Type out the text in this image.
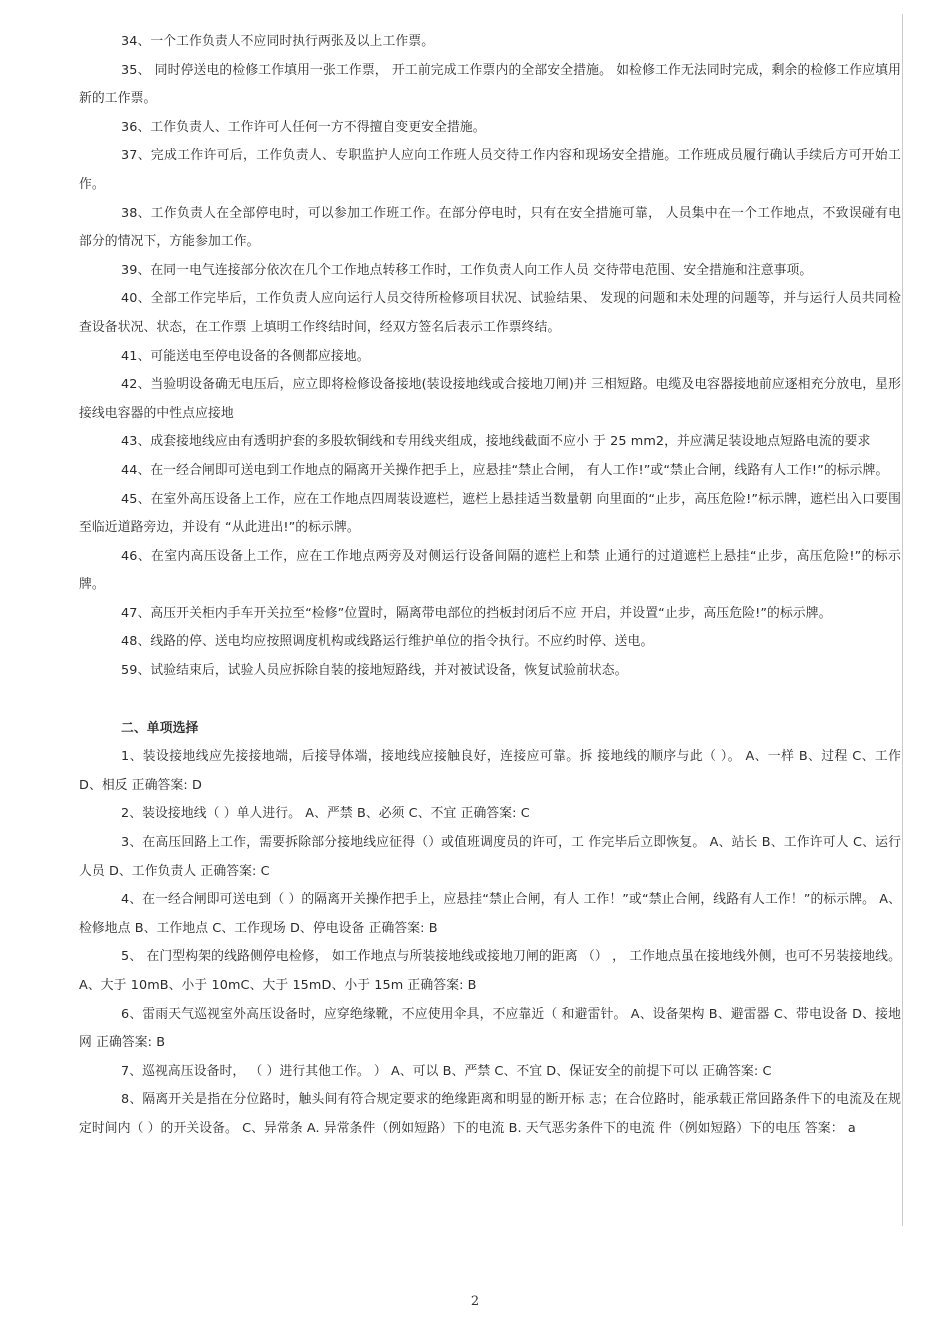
34、一个工作负责人不应同时执行两张及以上工作票。

35、 同时停送电的检修工作填用一张工作票， 开工前完成工作票内的全部安全措施。 如检修工作无法同时完成，剩余的检修工作应填用新的工作票。

36、工作负责人、工作许可人任何一方不得擅自变更安全措施。

37、完成工作许可后，工作负责人、专职监护人应向工作班人员交待工作内容和现场安全措施。工作班成员履行确认手续后方可开始工作。

38、工作负责人在全部停电时，可以参加工作班工作。在部分停电时，只有在安全措施可靠， 人员集中在一个工作地点，不致误碰有电部分的情况下，方能参加工作。

39、在同一电气连接部分依次在几个工作地点转移工作时，工作负责人向工作人员 交待带电范围、安全措施和注意事项。

40、全部工作完毕后，工作负责人应向运行人员交待所检修项目状况、试验结果、 发现的问题和未处理的问题等，并与运行人员共同检查设备状况、状态，在工作票 上填明工作终结时间，经双方签名后表示工作票终结。

41、可能送电至停电设备的各侧都应接地。

42、当验明设备确无电压后，应立即将检修设备接地(装设接地线或合接地刀闸)并 三相短路。电缆及电容器接地前应逐相充分放电，星形接线电容器的中性点应接地

43、成套接地线应由有透明护套的多股软铜线和专用线夹组成，接地线截面不应小 于 25 mm2，并应满足装设地点短路电流的要求

44、在一经合闸即可送电到工作地点的隔离开关操作把手上，应悬挂“禁止合闸， 有人工作!”或“禁止合闸，线路有人工作!”的标示牌。

45、在室外高压设备上工作，应在工作地点四周装设遮栏，遮栏上悬挂适当数量朝 向里面的“止步，高压危险!”标示牌，遮栏出入口要围至临近道路旁边，并设有 “从此进出!”的标示牌。

46、在室内高压设备上工作，应在工作地点两旁及对侧运行设备间隔的遮栏上和禁 止通行的过道遮栏上悬挂“止步，高压危险!”的标示牌。

47、高压开关柜内手车开关拉至“检修”位置时，隔离带电部位的挡板封闭后不应 开启，并设置“止步，高压危险!”的标示牌。

48、线路的停、送电均应按照调度机构或线路运行维护单位的指令执行。不应约时停、送电。

59、试验结束后，试验人员应拆除自装的接地短路线，并对被试设备，恢复试验前状态。

二、单项选择

1、装设接地线应先接接地端，后接导体端，接地线应接触良好，连接应可靠。拆 接地线的顺序与此（ ）。 A、一样 B、过程 C、工作 D、相反 正确答案: D

2、装设接地线（ ）单人进行。 A、严禁 B、必须 C、不宜 正确答案: C

3、在高压回路上工作，需要拆除部分接地线应征得（）或值班调度员的许可，工 作完毕后立即恢复。 A、站长 B、工作许可人 C、运行人员 D、工作负责人 正确答案: C

4、在一经合闸即可送电到（ ）的隔离开关操作把手上，应悬挂“禁止合闸，有人 工作！”或“禁止合闸，线路有人工作！”的标示牌。 A、检修地点 B、工作地点 C、工作现场 D、停电设备 正确答案: B

5、 在门型构架的线路侧停电检修， 如工作地点与所装接地线或接地刀闸的距离 （） ， 工作地点虽在接地线外侧，也可不另装接地线。 A、大于 10mB、小于 10mC、大于 15mD、小于 15m 正确答案: B

6、雷雨天气巡视室外高压设备时，应穿绝缘靴，不应使用伞具，不应靠近（ 和避雷针。 A、设备架构 B、避雷器 C、带电设备 D、接地网 正确答案: B

7、巡视高压设备时， （ ）进行其他工作。 ） A、可以 B、严禁 C、不宜 D、保证安全的前提下可以 正确答案: C

8、隔离开关是指在分位路时，触头间有符合规定要求的绝缘距离和明显的断开标 志；在合位路时，能承载正常回路条件下的电流及在规定时间内（ ）的开关设备。 C、异常条 A. 异常条件（例如短路）下的电流 B. 天气恶劣条件下的电流 件（例如短路）下的电压 答案： a

2
